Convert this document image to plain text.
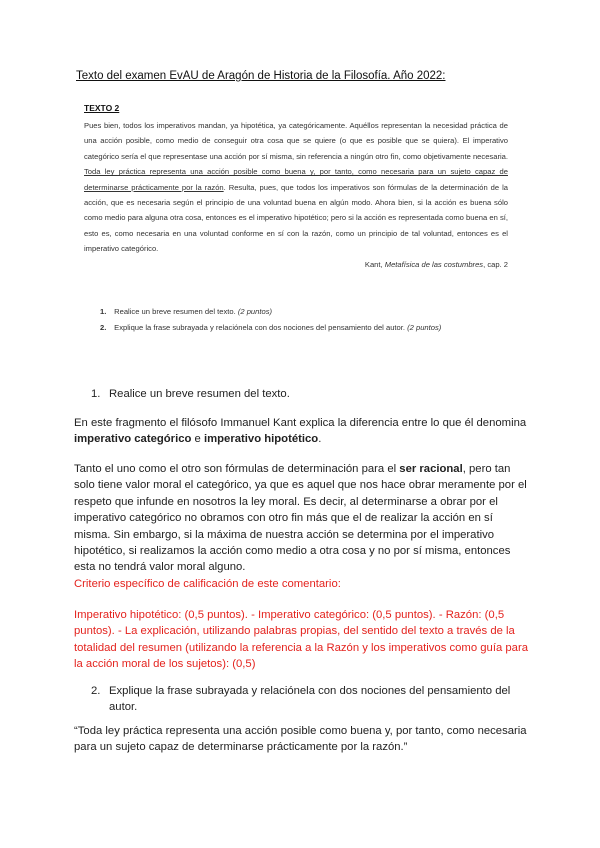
Texto del examen EvAU de Aragón de Historia de la Filosofía. Año 2022:
TEXTO 2

Pues bien, todos los imperativos mandan, ya hipotética, ya categóricamente. Aquéllos representan la necesidad práctica de una acción posible, como medio de conseguir otra cosa que se quiere (o que es posible que se quiera). El imperativo categórico sería el que representase una acción por sí misma, sin referencia a ningún otro fin, como objetivamente necesaria. Toda ley práctica representa una acción posible como buena y, por tanto, como necesaria para un sujeto capaz de determinarse prácticamente por la razón. Resulta, pues, que todos los imperativos son fórmulas de la determinación de la acción, que es necesaria según el principio de una voluntad buena en algún modo. Ahora bien, si la acción es buena sólo como medio para alguna otra cosa, entonces es el imperativo hipotético; pero si la acción es representada como buena en sí, esto es, como necesaria en una voluntad conforme en sí con la razón, como un principio de tal voluntad, entonces es el imperativo categórico.

Kant, Metafísica de las costumbres, cap. 2
1. Realice un breve resumen del texto. (2 puntos)
2. Explique la frase subrayada y relaciónela con dos nociones del pensamiento del autor. (2 puntos)
1. Realice un breve resumen del texto.

En este fragmento el filósofo Immanuel Kant explica la diferencia entre lo que él denomina imperativo categórico e imperativo hipotético.

Tanto el uno como el otro son fórmulas de determinación para el ser racional, pero tan solo tiene valor moral el categórico, ya que es aquel que nos hace obrar meramente por el respeto que infunde en nosotros la ley moral. Es decir, al determinarse a obrar por el imperativo categórico no obramos con otro fin más que el de realizar la acción en sí misma. Sin embargo, si la máxima de nuestra acción se determina por el imperativo hipotético, si realizamos la acción como medio a otra cosa y no por sí misma, entonces esta no tendrá valor moral alguno.

Criterio específico de calificación de este comentario:
Imperativo hipotético: (0,5 puntos). - Imperativo categórico: (0,5 puntos). - Razón: (0,5 puntos). - La explicación, utilizando palabras propias, del sentido del texto a través de la totalidad del resumen (utilizando la referencia a la Razón y los imperativos como guía para la acción moral de los sujetos): (0,5)
2. Explique la frase subrayada y relaciónela con dos nociones del pensamiento del autor.
“Toda ley práctica representa una acción posible como buena y, por tanto, como necesaria para un sujeto capaz de determinarse prácticamente por la razón.”
